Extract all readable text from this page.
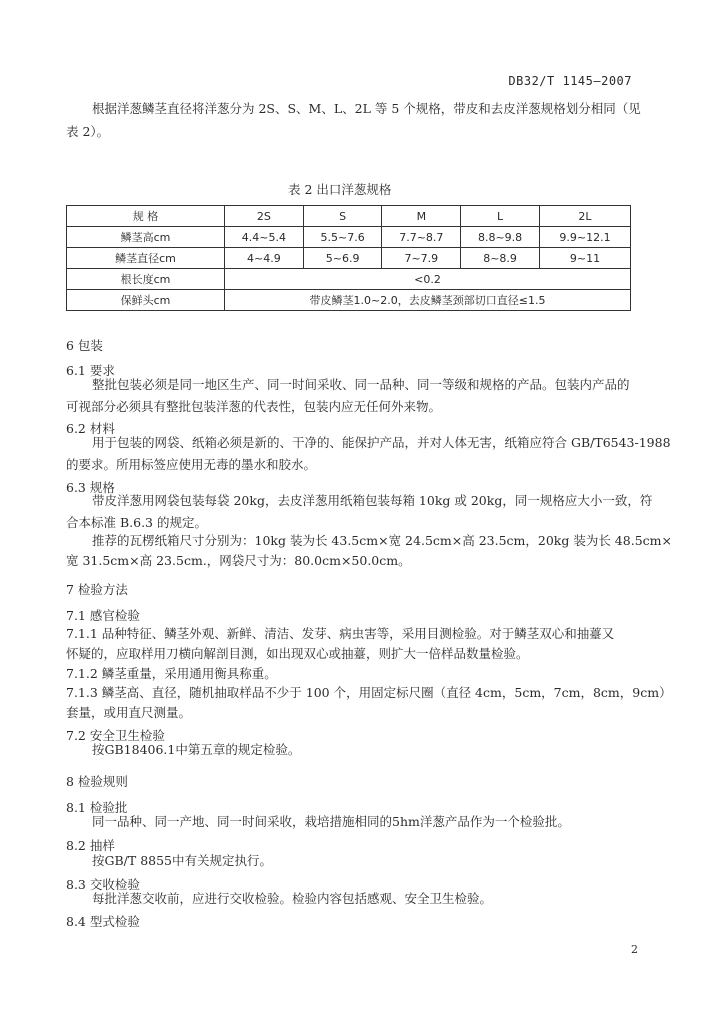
DB32/T 1145—2007
根据洋葱鳞茎直径将洋葱分为 2S、S、M、L、2L 等 5 个规格，带皮和去皮洋葱规格划分相同（见
表 2）。
表 2 出口洋葱规格
规 格	2S	S	M	L	2L
鳞茎高cm	4.4~5.4	5.5~7.6	7.7~8.7	8.8~9.8	9.9~12.1
鳞茎直径cm	4~4.9	5~6.9	7~7.9	8~8.9	9~11
根长度cm	<0.2				
保鲜头cm	带皮鳞茎1.0~2.0，去皮鳞茎颈部切口直径≤1.5				
6 包装
6.1 要求
整批包装必须是同一地区生产、同一时间采收、同一品种、同一等级和规格的产品。包装内产品的
可视部分必须具有整批包装洋葱的代表性，包装内应无任何外来物。
6.2 材料
用于包装的网袋、纸箱必须是新的、干净的、能保护产品，并对人体无害，纸箱应符合 GB/T6543-1988
的要求。所用标签应使用无毒的墨水和胶水。
6.3 规格
带皮洋葱用网袋包装每袋 20kg，去皮洋葱用纸箱包装每箱 10kg 或 20kg，同一规格应大小一致，符
合本标准 B.6.3 的规定。
推荐的瓦楞纸箱尺寸分别为：10kg 装为长 43.5cm×宽 24.5cm×高 23.5cm，20kg 装为长 48.5cm×
宽 31.5cm×高 23.5cm.，网袋尺寸为：80.0cm×50.0cm。
7 检验方法
7.1 感官检验
7.1.1 品种特征、鳞茎外观、新鲜、清洁、发芽、病虫害等，采用目测检验。对于鳞茎双心和抽薹又
怀疑的，应取样用刀横向解剖目测，如出现双心或抽薹，则扩大一倍样品数量检验。
7.1.2 鳞茎重量，采用通用衡具称重。
7.1.3 鳞茎高、直径，随机抽取样品不少于 100 个，用固定标尺圈（直径 4cm，5cm，7cm，8cm，9cm）
套量，或用直尺测量。
7.2 安全卫生检验
按GB18406.1中第五章的规定检验。
8 检验规则
8.1 检验批
同一品种、同一产地、同一时间采收，栽培措施相同的5hm洋葱产品作为一个检验批。
8.2 抽样
按GB/T 8855中有关规定执行。
8.3 交收检验
每批洋葱交收前，应进行交收检验。检验内容包括感观、安全卫生检验。
8.4 型式检验
2
